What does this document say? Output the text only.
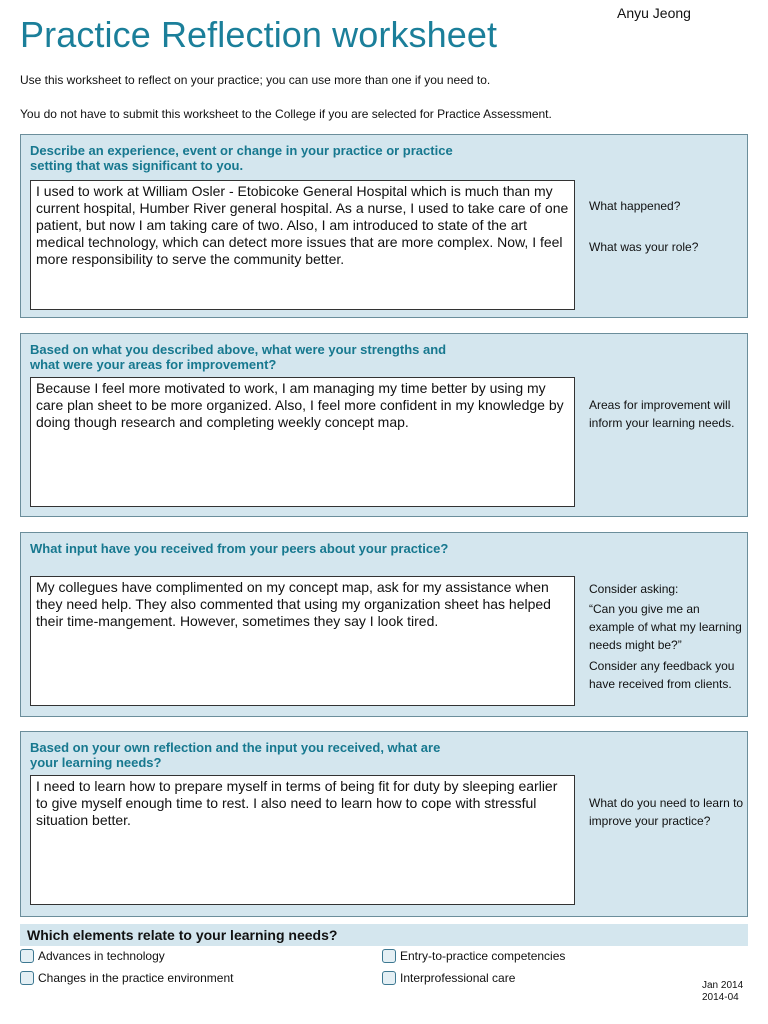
Anyu Jeong
Practice Reflection worksheet
Use this worksheet to reflect on your practice; you can use more than one if you need to.
You do not have to submit this worksheet to the College if you are selected for Practice Assessment.
Describe an experience, event or change in your practice or practice
setting that was significant to you.
I used to work at William Osler - Etobicoke General Hospital which is much than my current hospital, Humber River general hospital. As a nurse, I used to take care of one patient, but now I am taking care of two. Also, I am introduced to state of the art medical technology, which can detect more issues that are more complex. Now, I feel more responsibility to serve the community better.
What happened?
What was your role?
Based on what you described above, what were your strengths and
what were your areas for improvement?
Because I feel more motivated to work, I am managing my time better by using my care plan sheet to be more organized. Also, I feel more confident in my knowledge by doing though research and completing weekly concept map.
Areas for improvement will inform your learning needs.
What input have you received from your peers about your practice?
My collegues have complimented on my concept map, ask for my assistance when they need help. They also commented that using my organization sheet has helped their time-mangement. However, sometimes they say I look tired.
Consider asking:
“Can you give me an example of what my learning needs might be?”
Consider any feedback you have received from clients.
Based on your own reflection and the input you received, what are
your learning needs?
I need to learn how to prepare myself in terms of being fit for duty by sleeping earlier to give myself enough time to rest. I also need to learn how to cope with stressful situation better.
What do you need to learn to improve your practice?
Which elements relate to your learning needs?
Advances in technology
Changes in the practice environment
Entry-to-practice competencies
Interprofessional care
Jan 2014
2014-04
